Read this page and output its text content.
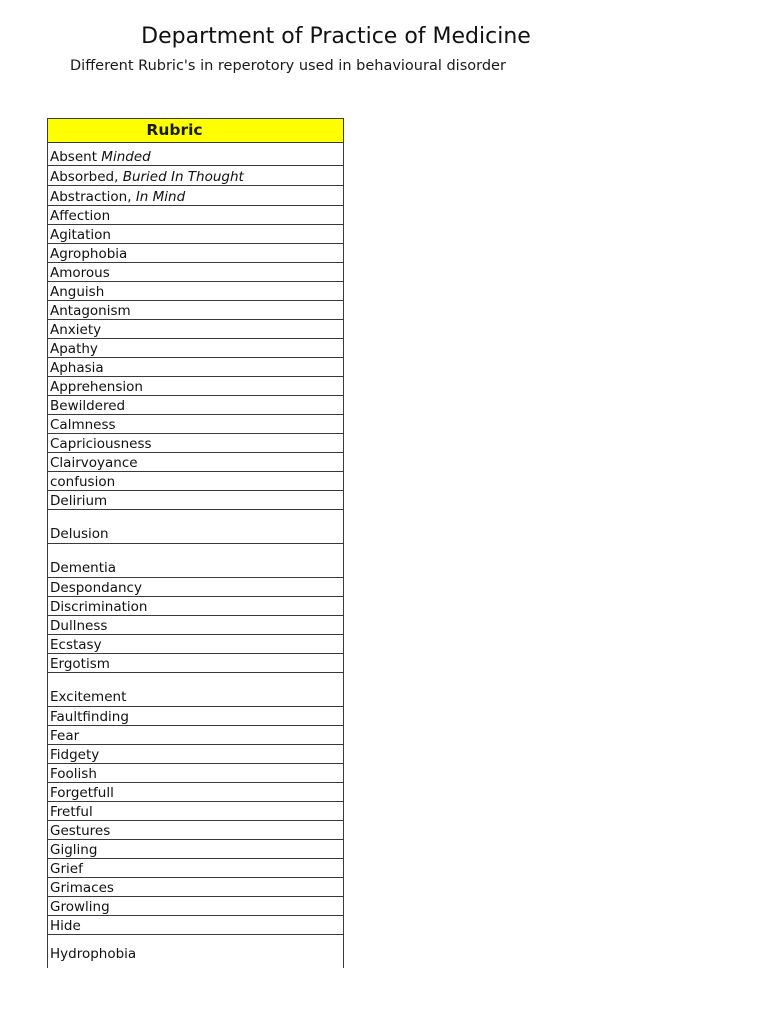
Department of Practice of Medicine
Different Rubric's in reperotory used in behavioural disorder
Rubric
Absent Minded
Absorbed, Buried In Thought
Abstraction, In Mind
Affection
Agitation
Agrophobia
Amorous
Anguish
Antagonism
Anxiety
Apathy
Aphasia
Apprehension
Bewildered
Calmness
Capriciousness
Clairvoyance
confusion
Delirium
Delusion
Dementia
Despondancy
Discrimination
Dullness
Ecstasy
Ergotism
Excitement
Faultfinding
Fear
Fidgety
Foolish
Forgetfull
Fretful
Gestures
Gigling
Grief
Grimaces
Growling
Hide
Hydrophobia
